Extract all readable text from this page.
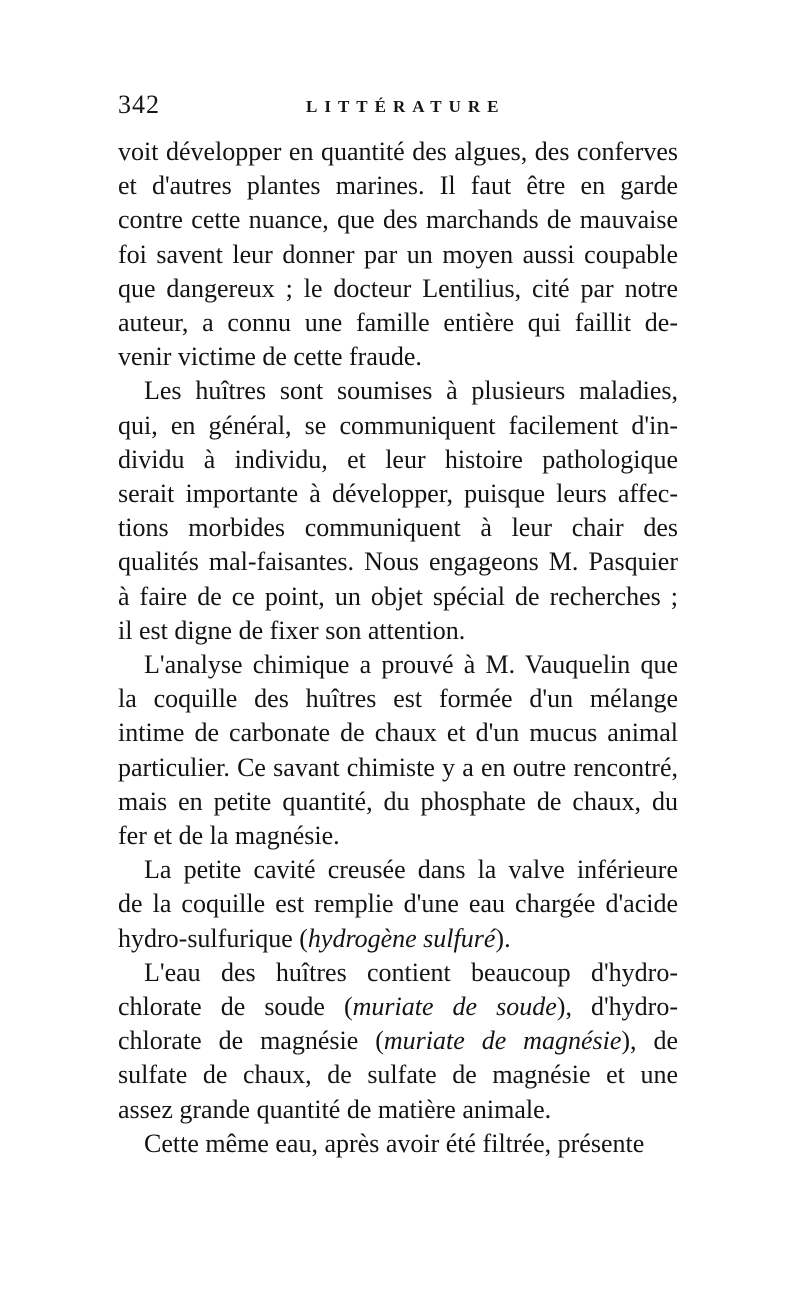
342	LITTÉRATURE

voit développer en quantité des algues, des conferves
et d'autres plantes marines. Il faut être en garde
contre cette nuance, que des marchands de mauvaise
foi savent leur donner par un moyen aussi coupable
que dangereux ; le docteur Lentilius, cité par notre
auteur, a connu une famille entière qui faillit de-
venir victime de cette fraude.

Les huîtres sont soumises à plusieurs maladies,
qui, en général, se communiquent facilement d'in-
dividu à individu, et leur histoire pathologique
serait importante à développer, puisque leurs affec-
tions morbides communiquent à leur chair des
qualités mal-faisantes. Nous engageons M. Pasquier
à faire de ce point, un objet spécial de recherches ;
il est digne de fixer son attention.

L'analyse chimique a prouvé à M. Vauquelin que
la coquille des huîtres est formée d'un mélange
intime de carbonate de chaux et d'un mucus animal
particulier. Ce savant chimiste y a en outre rencontré,
mais en petite quantité, du phosphate de chaux, du
fer et de la magnésie.

La petite cavité creusée dans la valve inférieure
de la coquille est remplie d'une eau chargée d'acide
hydro-sulfurique (hydrogène sulfuré).

L'eau des huîtres contient beaucoup d'hydro-
chlorate de soude (muriate de soude), d'hydro-
chlorate de magnésie (muriate de magnésie), de
sulfate de chaux, de sulfate de magnésie et une
assez grande quantité de matière animale.

Cette même eau, après avoir été filtrée, présente
